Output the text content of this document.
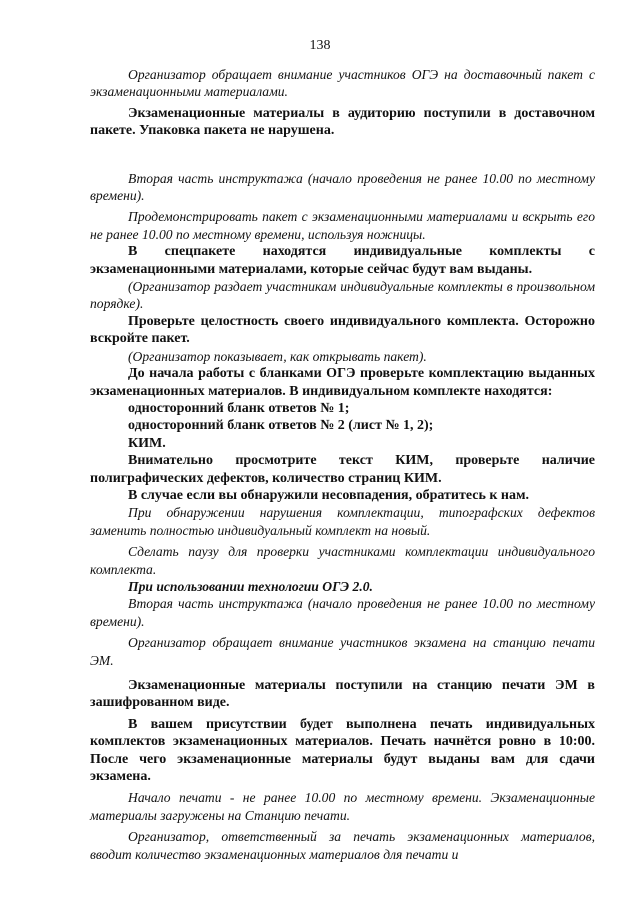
138

Организатор обращает внимание участников ОГЭ на доставочный пакет с экзаменационными материалами.

Экзаменационные материалы в аудиторию поступили в доставочном пакете. Упаковка пакета не нарушена.

Вторая часть инструктажа (начало проведения не ранее 10.00 по местному времени).

Продемонстрировать пакет с экзаменационными материалами и вскрыть его не ранее 10.00 по местному времени, используя ножницы.

В спецпакете находятся индивидуальные комплекты с экзаменационными материалами, которые сейчас будут вам выданы.

(Организатор раздает участникам индивидуальные комплекты в произвольном порядке).

Проверьте целостность своего индивидуального комплекта. Осторожно вскройте пакет.

(Организатор показывает, как открывать пакет).

До начала работы с бланками ОГЭ проверьте комплектацию выданных экзаменационных материалов. В индивидуальном комплекте находятся:

односторонний бланк ответов № 1;

односторонний бланк ответов № 2 (лист № 1, 2);

КИМ.

Внимательно просмотрите текст КИМ, проверьте наличие полиграфических дефектов, количество страниц КИМ.

В случае если вы обнаружили несовпадения, обратитесь к нам.

При обнаружении нарушения комплектации, типографских дефектов заменить полностью индивидуальный комплект на новый.

Сделать паузу для проверки участниками комплектации индивидуального комплекта.

При использовании технологии ОГЭ 2.0.

Вторая часть инструктажа (начало проведения не ранее 10.00 по местному времени).

Организатор обращает внимание участников экзамена на станцию печати ЭМ.

Экзаменационные материалы поступили на станцию печати ЭМ в зашифрованном виде.

В вашем присутствии будет выполнена печать индивидуальных комплектов экзаменационных материалов. Печать начнётся ровно в 10:00. После чего экзаменационные материалы будут выданы вам для сдачи экзамена.

Начало печати - не ранее 10.00 по местному времени. Экзаменационные материалы загружены на Станцию печати.

Организатор, ответственный за печать экзаменационных материалов, вводит количество экзаменационных материалов для печати и
